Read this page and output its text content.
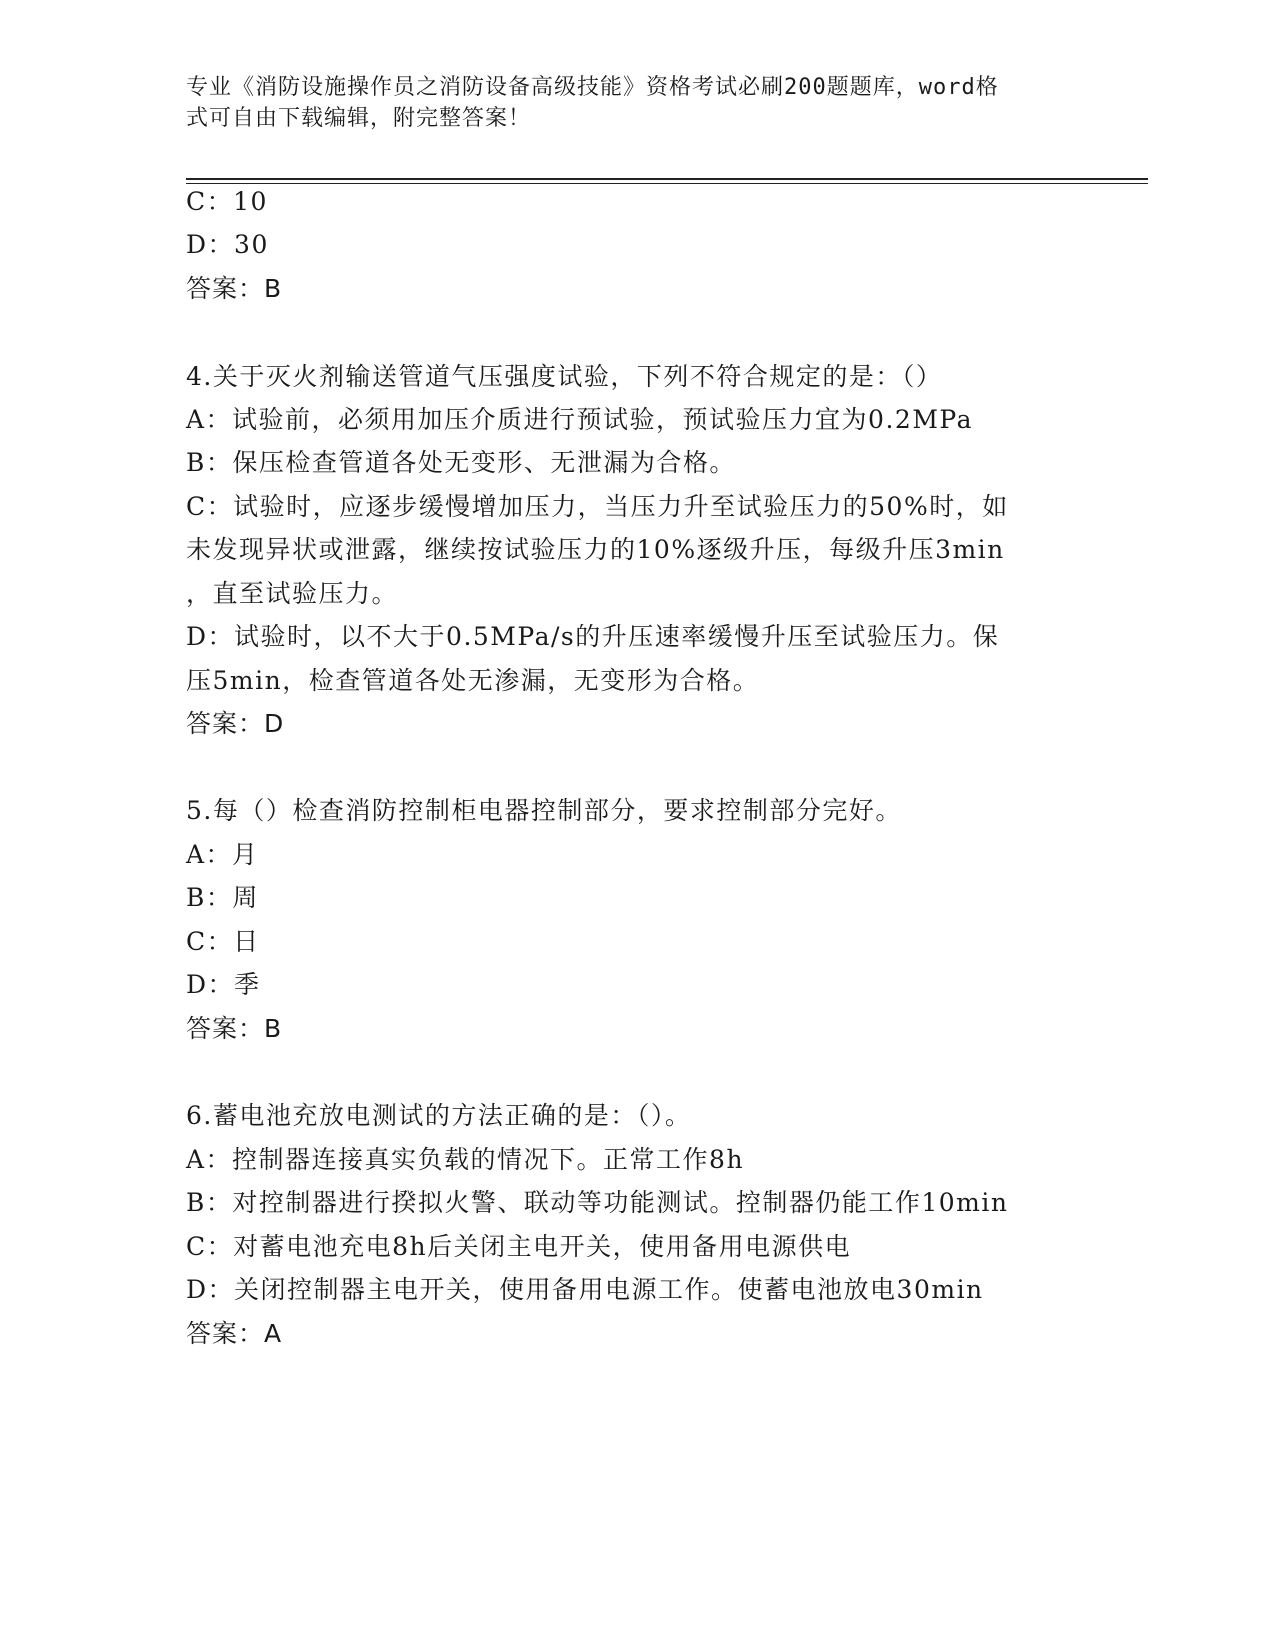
专业《消防设施操作员之消防设备高级技能》资格考试必刷200题题库，word格
式可自由下载编辑，附完整答案！
C：10
D：30
答案：B
4.关于灭火剂输送管道气压强度试验，下列不符合规定的是：（）
A：试验前，必须用加压介质进行预试验，预试验压力宜为0.2MPa
B：保压检查管道各处无变形、无泄漏为合格。
C：试验时，应逐步缓慢增加压力，当压力升至试验压力的50%时，如
未发现异状或泄露，继续按试验压力的10%逐级升压，每级升压3min
，直至试验压力。
D：试验时，以不大于0.5MPa/s的升压速率缓慢升压至试验压力。保
压5min，检查管道各处无渗漏，无变形为合格。
答案：D
5.每（）检查消防控制柜电器控制部分，要求控制部分完好。
A：月
B：周
C：日
D：季
答案：B
6.蓄电池充放电测试的方法正确的是：（）。
A：控制器连接真实负载的情况下。正常工作8h
B：对控制器进行揆拟火警、联动等功能测试。控制器仍能工作10min
C：对蓄电池充电8h后关闭主电开关，使用备用电源供电
D：关闭控制器主电开关，使用备用电源工作。使蓄电池放电30min
答案：A
